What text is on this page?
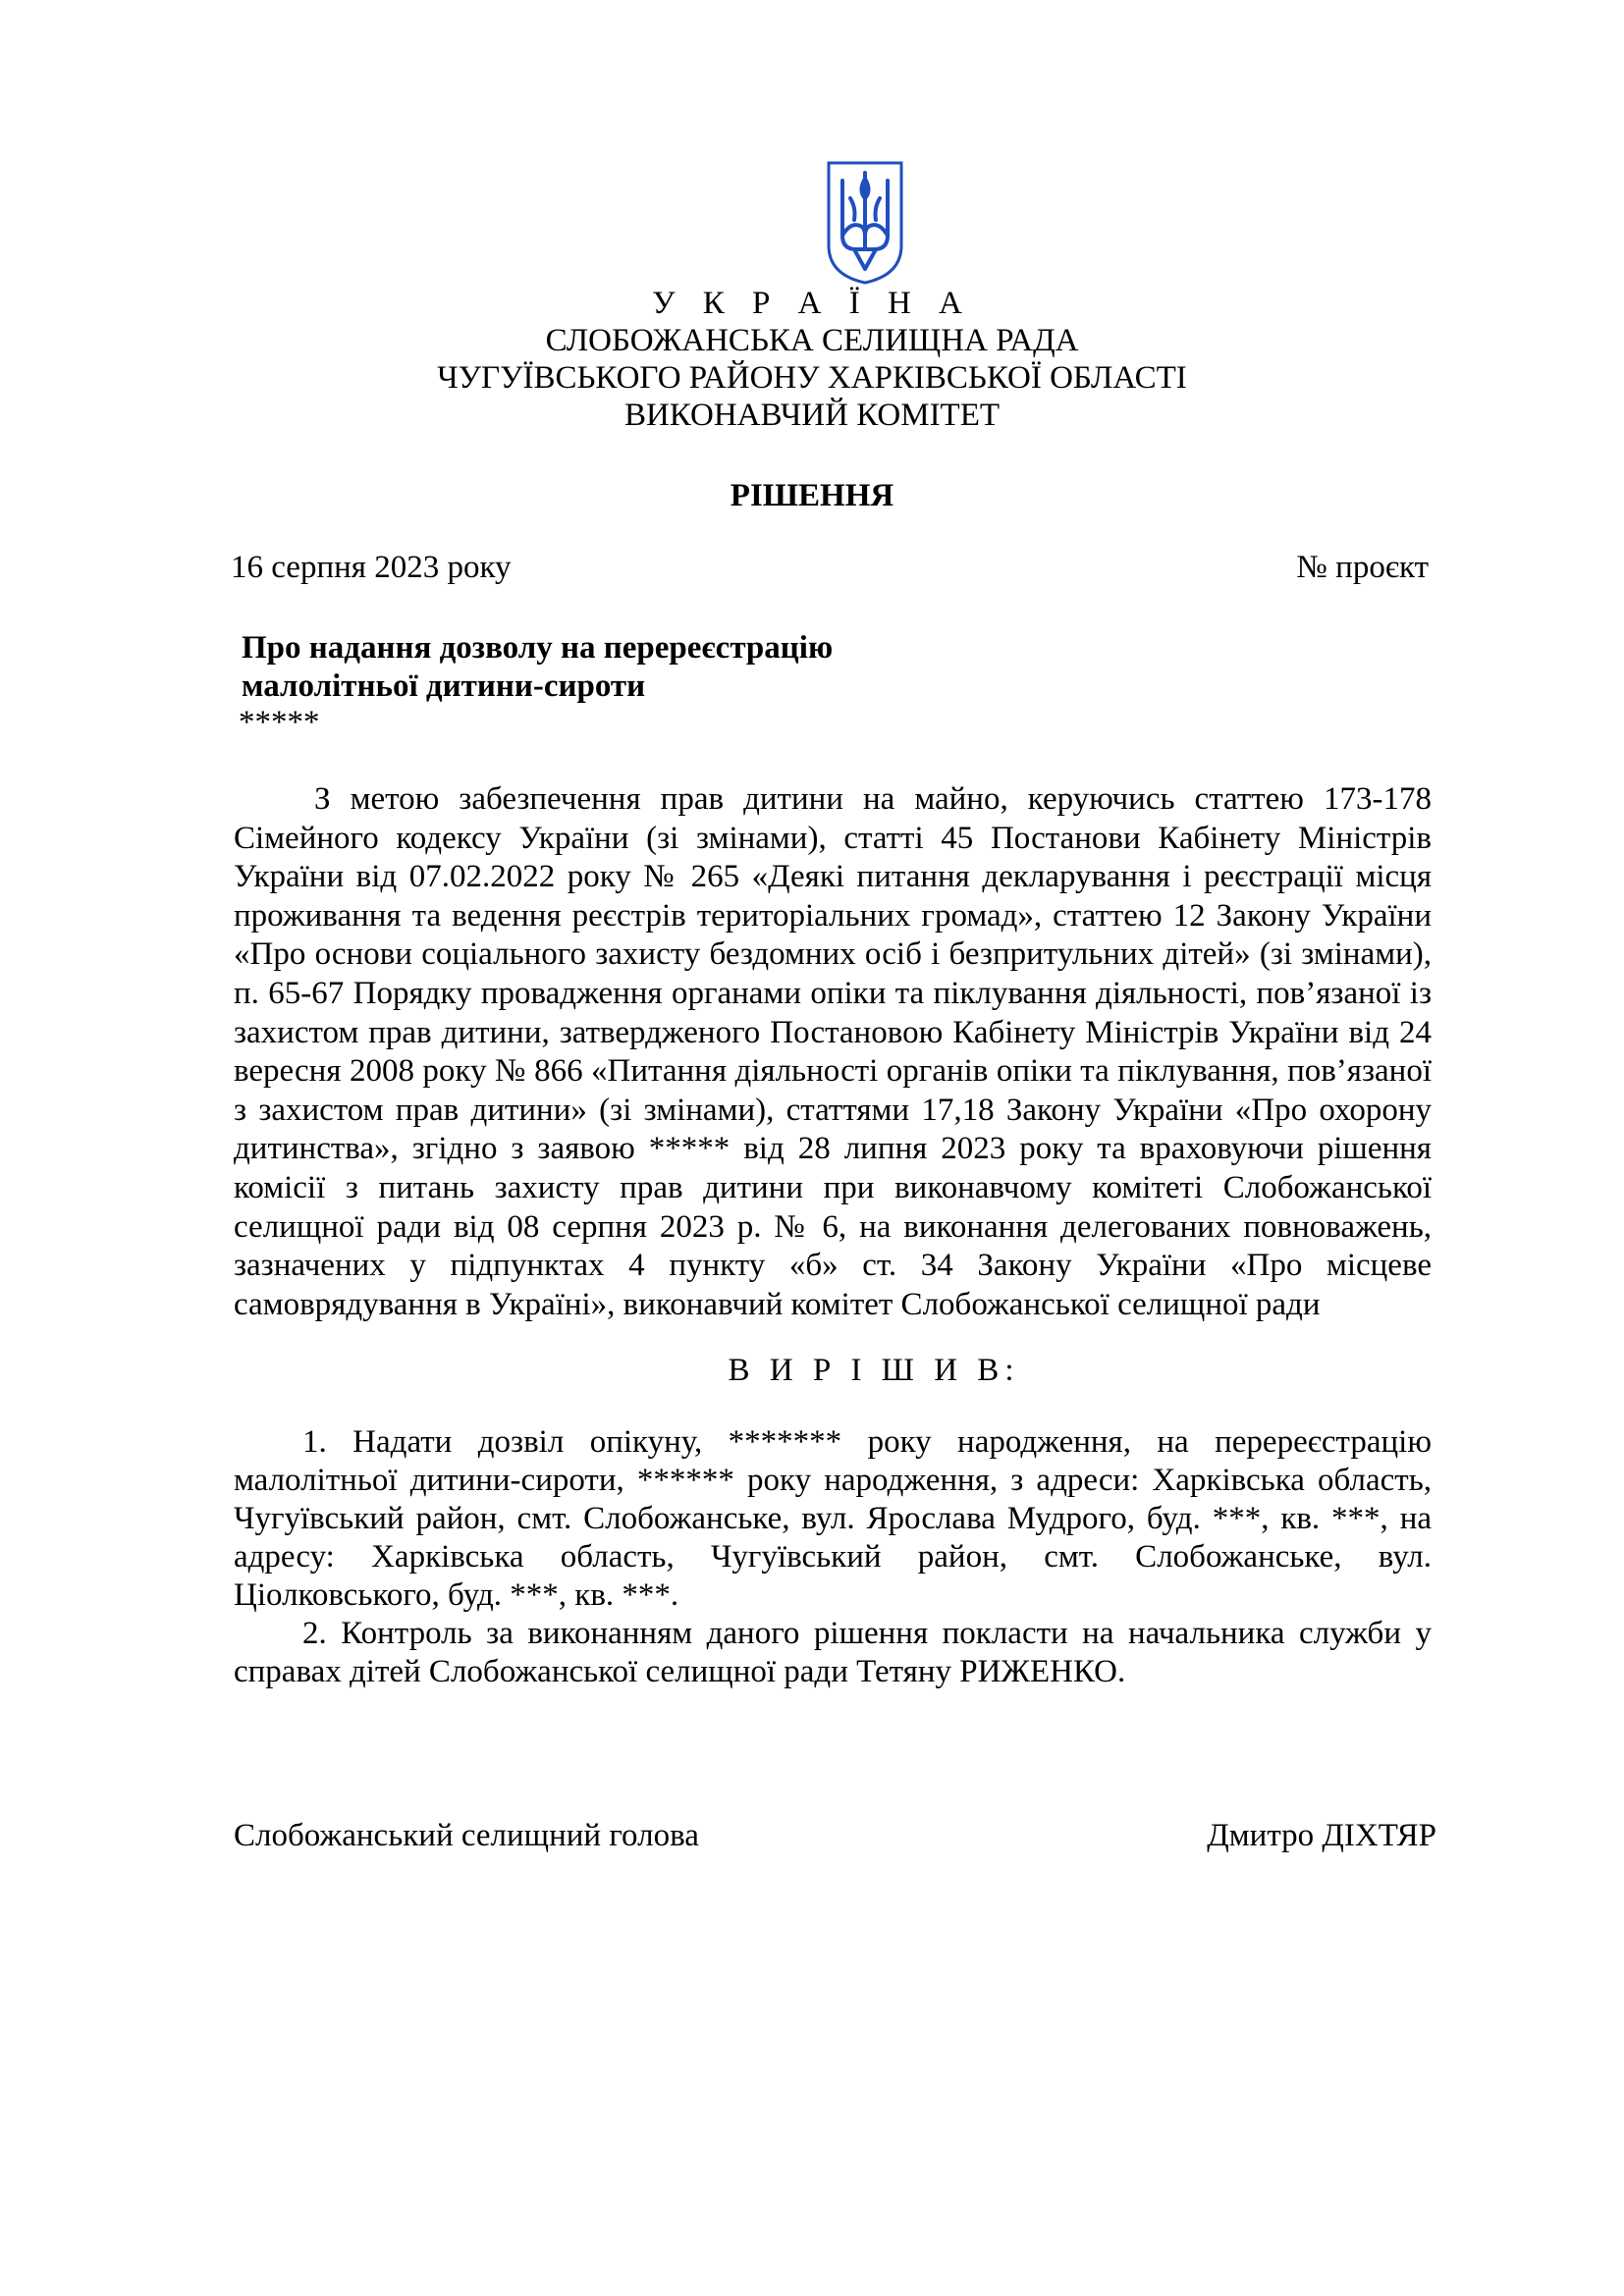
У К Р А Ї Н А
СЛОБОЖАНСЬКА СЕЛИЩНА РАДА
ЧУГУЇВСЬКОГО РАЙОНУ ХАРКІВСЬКОЇ ОБЛАСТІ
ВИКОНАВЧИЙ КОМІТЕТ
РІШЕННЯ
16 серпня 2023 року	№ проєкт
Про надання дозволу на перереєстрацію
малолітньої дитини-сироти
*****
З метою забезпечення прав дитини на майно, керуючись статтею 173-178 Сімейного кодексу України (зі змінами), статті 45 Постанови Кабінету Міністрів України від 07.02.2022 року № 265 «Деякі питання декларування і реєстрації місця проживання та ведення реєстрів територіальних громад», статтею 12 Закону України «Про основи соціального захисту бездомних осіб і безпритульних дітей» (зі змінами), п. 65-67 Порядку провадження органами опіки та піклування діяльності, пов’язаної із захистом прав дитини, затвердженого Постановою Кабінету Міністрів України від 24 вересня 2008 року № 866 «Питання діяльності органів опіки та піклування, пов’язаної з захистом прав дитини» (зі змінами), статтями 17,18 Закону України «Про охорону дитинства», згідно з заявою ***** від 28 липня 2023 року та враховуючи рішення комісії з питань захисту прав дитини при виконавчому комітеті Слобожанської селищної ради від 08 серпня 2023 р. № 6, на виконання делегованих повноважень, зазначених у підпунктах 4 пункту «б» ст. 34 Закону України «Про місцеве самоврядування в Україні», виконавчий комітет Слобожанської селищної ради
В И Р І Ш И В:
1. Надати дозвіл опікуну, ******* року народження, на перереєстрацію малолітньої дитини-сироти, ****** року народження, з адреси: Харківська область, Чугуївський район, смт. Слобожанське, вул. Ярослава Мудрого, буд. ***, кв. ***, на адресу: Харківська область, Чугуївський район, смт. Слобожанське, вул. Ціолковського, буд. ***, кв. ***.
2. Контроль за виконанням даного рішення покласти на начальника служби у справах дітей Слобожанської селищної ради Тетяну РИЖЕНКО.
Слобожанський селищний голова	Дмитро ДІХТЯР
